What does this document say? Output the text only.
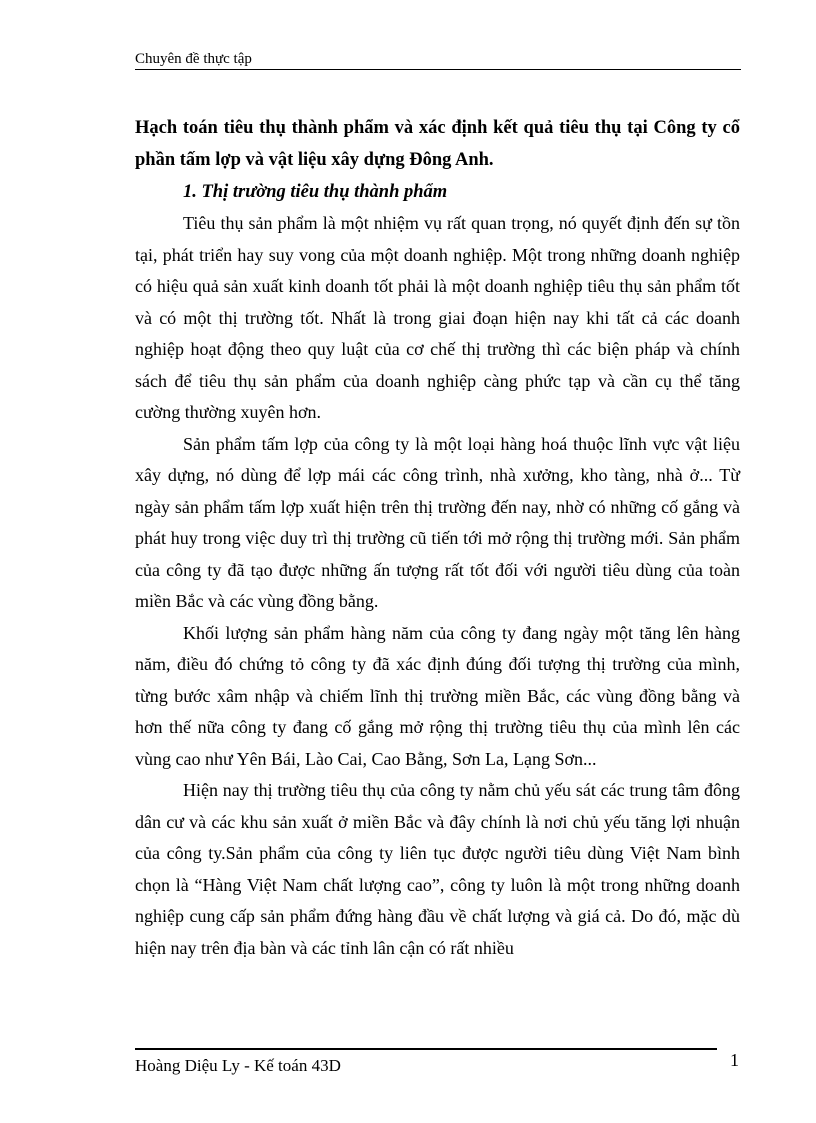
Chuyên đề thực tập

Hạch toán tiêu thụ thành phẩm và xác định kết quả tiêu thụ tại Công ty cổ phần tấm lợp và vật liệu xây dựng Đông Anh.

1. Thị trường tiêu thụ thành phẩm

Tiêu thụ sản phẩm là một nhiệm vụ rất quan trọng, nó quyết định đến sự tồn tại, phát triển hay suy vong của một doanh nghiệp. Một trong những doanh nghiệp có hiệu quả sản xuất kinh doanh tốt phải là một doanh nghiệp tiêu thụ sản phẩm tốt và có một thị trường tốt. Nhất là trong giai đoạn hiện nay khi tất cả các doanh nghiệp hoạt động theo quy luật của cơ chế thị trường thì các biện pháp và chính sách để tiêu thụ sản phẩm của doanh nghiệp càng phức tạp và cần cụ thể tăng cường thường xuyên hơn.

Sản phẩm tấm lợp của công ty là một loại hàng hoá thuộc lĩnh vực vật liệu xây dựng, nó dùng để lợp mái các công trình, nhà xưởng, kho tàng, nhà ở... Từ ngày sản phẩm tấm lợp xuất hiện trên thị trường đến nay, nhờ có những cố gắng và phát huy trong việc duy trì thị trường cũ tiến tới mở rộng thị trường mới. Sản phẩm của công ty đã tạo được những ấn tượng rất tốt đối với người tiêu dùng của toàn miền Bắc và các vùng đồng bằng.

Khối lượng sản phẩm hàng năm của công ty đang ngày một tăng lên hàng năm, điều đó chứng tỏ công ty đã xác định đúng đối tượng thị trường của mình, từng bước xâm nhập và chiếm lĩnh thị trường miền Bắc, các vùng đồng bằng và hơn thế nữa công ty đang cố gắng mở rộng thị trường tiêu thụ của mình lên các vùng cao như Yên Bái, Lào Cai, Cao Bằng, Sơn La, Lạng Sơn...

Hiện nay thị trường tiêu thụ của công ty nằm chủ yếu sát các trung tâm đông dân cư và các khu sản xuất ở miền Bắc và đây chính là nơi chủ yếu tăng lợi nhuận của công ty.Sản phẩm của công ty liên tục được người tiêu dùng Việt Nam bình chọn là “Hàng Việt Nam chất lượng cao”, công ty luôn là một trong những doanh nghiệp cung cấp sản phẩm đứng hàng đầu về chất lượng và giá cả. Do đó, mặc dù hiện nay trên địa bàn và các tỉnh lân cận có rất nhiều

Hoàng Diệu Ly - Kế toán 43D	1
